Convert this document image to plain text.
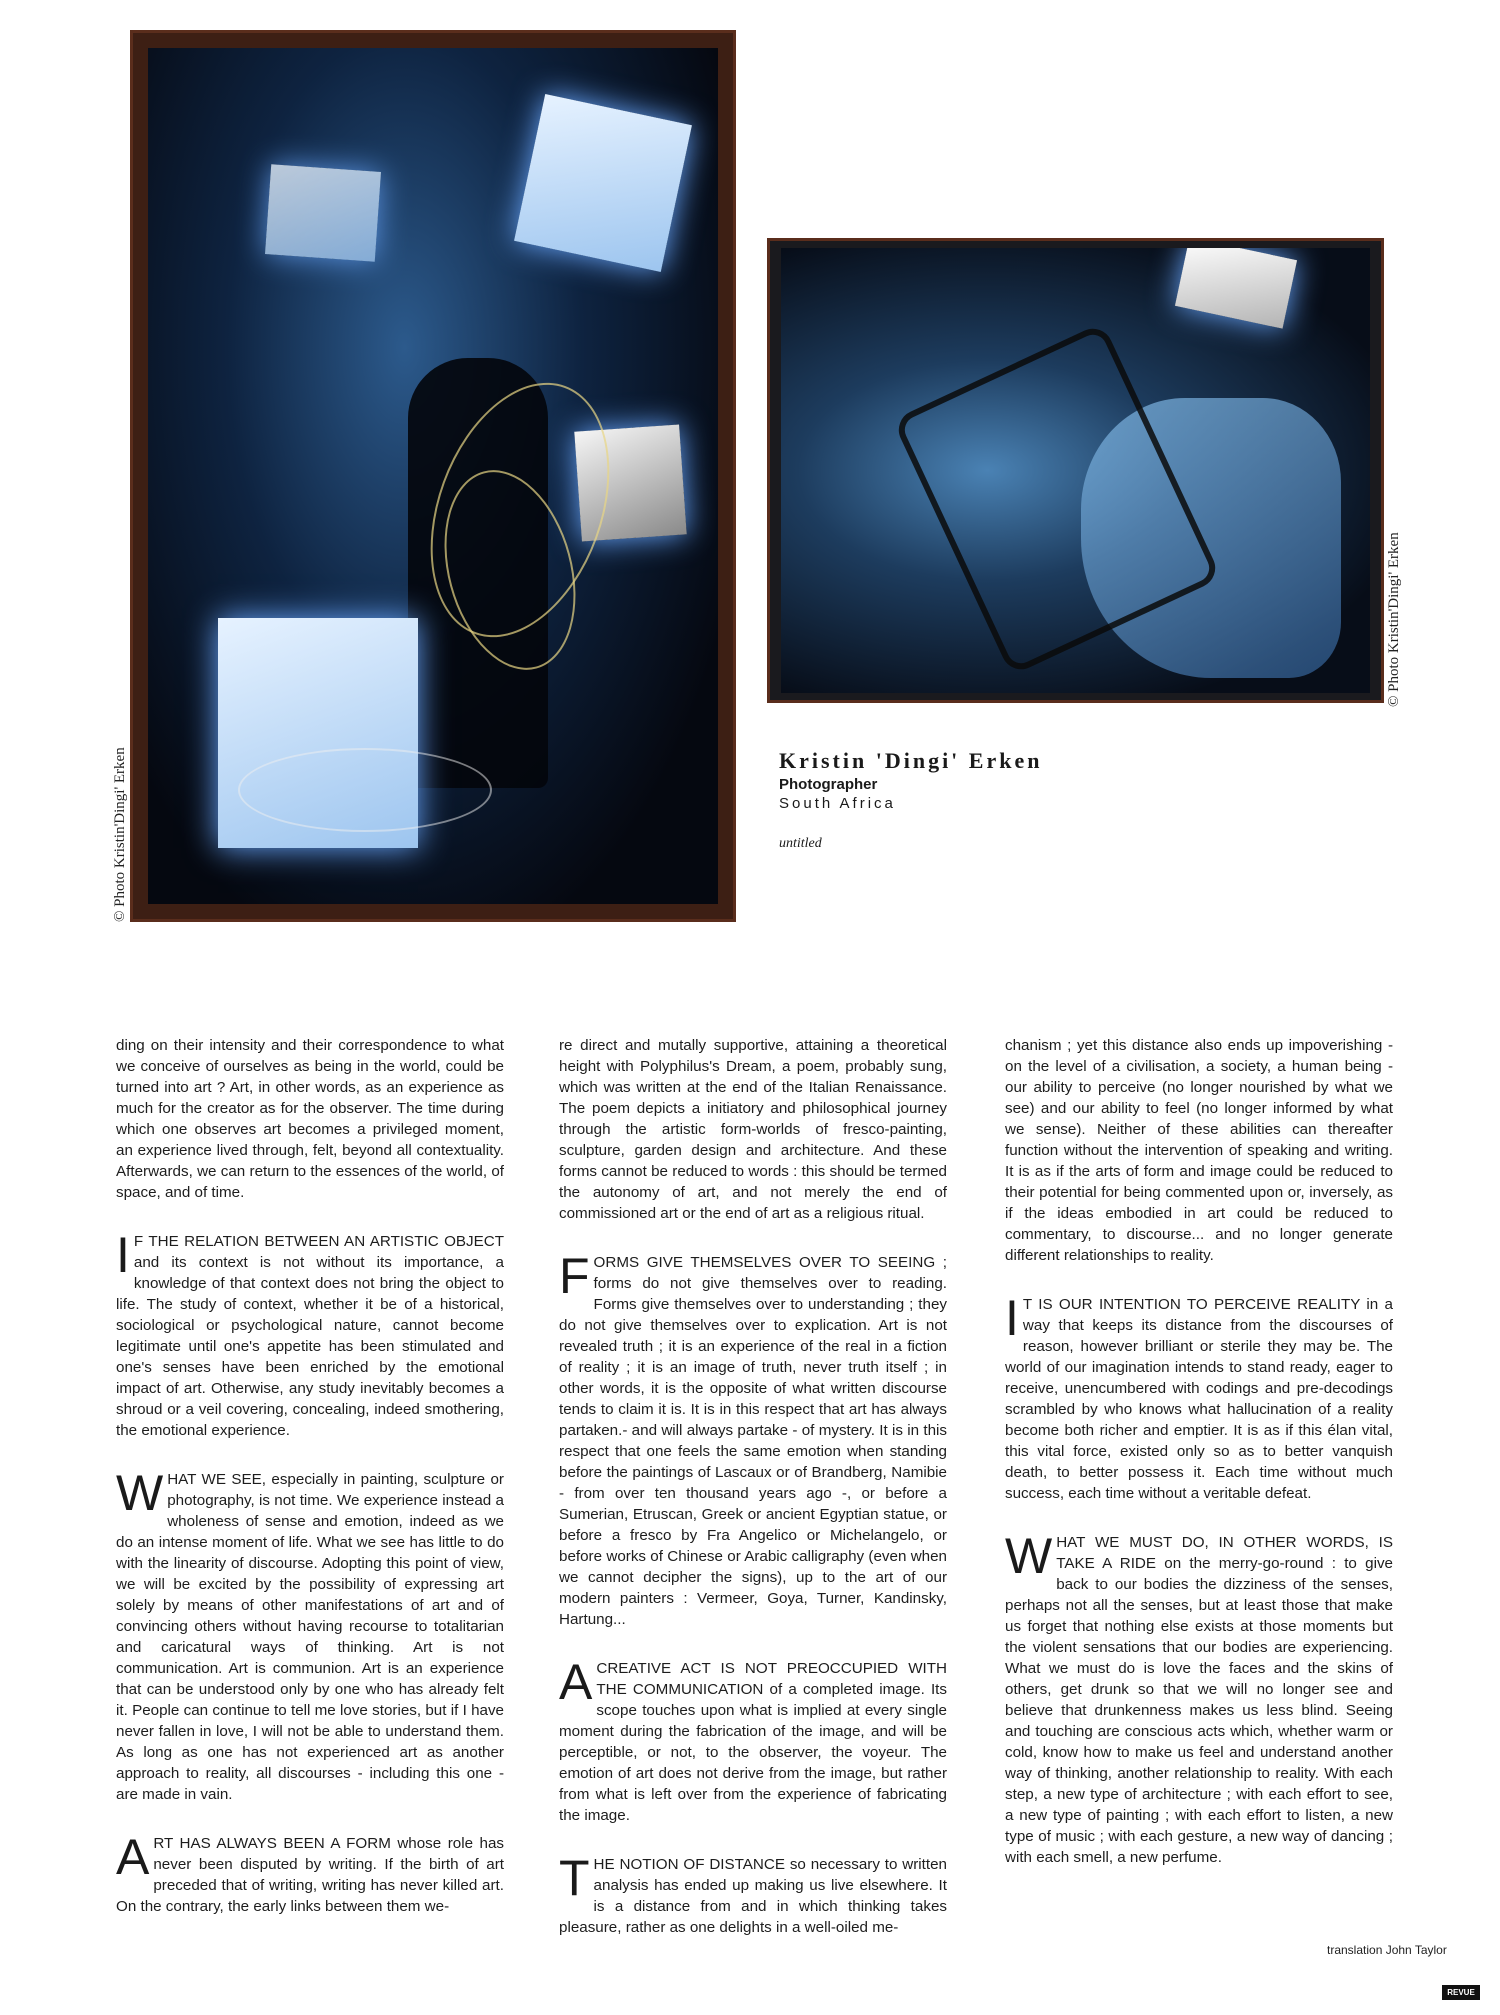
© Photo Kristin'Dingi' Erken
© Photo Kristin'Dingi' Erken
Kristin 'Dingi' Erken
Photographer
South Africa
untitled

ding on their intensity and their correspondence to what we conceive of ourselves as being in the world, could be turned into art ? Art, in other words, as an experience as much for the creator as for the observer. The time during which one observes art becomes a privileged moment, an experience lived through, felt, beyond all contextuality. Afterwards, we can return to the essences of the world, of space, and of time.

I F THE RELATION BETWEEN AN ARTISTIC OBJECT and its context is not without its importance, a knowledge of that context does not bring the object to life. The study of context, whether it be of a historical, sociological or psychological nature, cannot become legitimate until one's appetite has been stimulated and one's senses have been enriched by the emotional impact of art. Otherwise, any study inevitably becomes a shroud or a veil covering, concealing, indeed smothering, the emotional experience.

WHAT WE SEE, especially in painting, sculpture or photography, is not time. We experience instead a wholeness of sense and emotion, indeed as we do an intense moment of life. What we see has little to do with the linearity of discourse. Adopting this point of view, we will be excited by the possibility of expressing art solely by means of other manifestations of art and of convincing others without having recourse to totalitarian and caricatural ways of thinking. Art is not communication. Art is communion. Art is an experience that can be understood only by one who has already felt it. People can continue to tell me love stories, but if I have never fallen in love, I will not be able to understand them. As long as one has not experienced art as another approach to reality, all discourses - including this one - are made in vain.

ART HAS ALWAYS BEEN A FORM whose role has never been disputed by writing. If the birth of art preceded that of writing, writing has never killed art. On the contrary, the early links between them we-

re direct and mutally supportive, attaining a theoretical height with Polyphilus's Dream, a poem, probably sung, which was written at the end of the Italian Renaissance. The poem depicts a initiatory and philosophical journey through the artistic form-worlds of fresco-painting, sculpture, garden design and architecture. And these forms cannot be reduced to words : this should be termed the autonomy of art, and not merely the end of commissioned art or the end of art as a religious ritual.

FORMS GIVE THEMSELVES OVER TO SEEING ; forms do not give themselves over to reading. Forms give themselves over to understanding ; they do not give themselves over to explication. Art is not revealed truth ; it is an experience of the real in a fiction of reality ; it is an image of truth, never truth itself ; in other words, it is the opposite of what written discourse tends to claim it is. It is in this respect that art has always partaken.- and will always partake - of mystery. It is in this respect that one feels the same emotion when standing before the paintings of Lascaux or of Brandberg, Namibie - from over ten thousand years ago -, or before a Sumerian, Etruscan, Greek or ancient Egyptian statue, or before a fresco by Fra Angelico or Michelangelo, or before works of Chinese or Arabic calligraphy (even when we cannot decipher the signs), up to the art of our modern painters : Vermeer, Goya, Turner, Kandinsky, Hartung...

ACREATIVE ACT IS NOT PREOCCUPIED WITH THE COMMUNICATION of a completed image. Its scope touches upon what is implied at every single moment during the fabrication of the image, and will be perceptible, or not, to the observer, the voyeur. The emotion of art does not derive from the image, but rather from what is left over from the experience of fabricating the image.

THE NOTION OF DISTANCE so necessary to written analysis has ended up making us live elsewhere. It is a distance from and in which thinking takes pleasure, rather as one delights in a well-oiled me-

chanism ; yet this distance also ends up impoverishing - on the level of a civilisation, a society, a human being - our ability to perceive (no longer nourished by what we see) and our ability to feel (no longer informed by what we sense). Neither of these abilities can thereafter function without the intervention of speaking and writing. It is as if the arts of form and image could be reduced to their potential for being commented upon or, inversely, as if the ideas embodied in art could be reduced to commentary, to discourse... and no longer generate different relationships to reality.

I T IS OUR INTENTION TO PERCEIVE REALITY in a way that keeps its distance from the discourses of reason, however brilliant or sterile they may be. The world of our imagination intends to stand ready, eager to receive, unencumbered with codings and pre-decodings scrambled by who knows what hallucination of a reality become both richer and emptier. It is as if this élan vital, this vital force, existed only so as to better vanquish death, to better possess it. Each time without much success, each time without a veritable defeat.

WHAT WE MUST DO, IN OTHER WORDS, IS TAKE A RIDE on the merry-go-round : to give back to our bodies the dizziness of the senses, perhaps not all the senses, but at least those that make us forget that nothing else exists at those moments but the violent sensations that our bodies are experiencing. What we must do is love the faces and the skins of others, get drunk so that we will no longer see and believe that drunkenness makes us less blind. Seeing and touching are conscious acts which, whether warm or cold, know how to make us feel and understand another way of thinking, another relationship to reality. With each step, a new type of architecture ; with each effort to see, a new type of painting ; with each effort to listen, a new type of music ; with each gesture, a new way of dancing ; with each smell, a new perfume.

translation John Taylor
REVUE NOIRE
